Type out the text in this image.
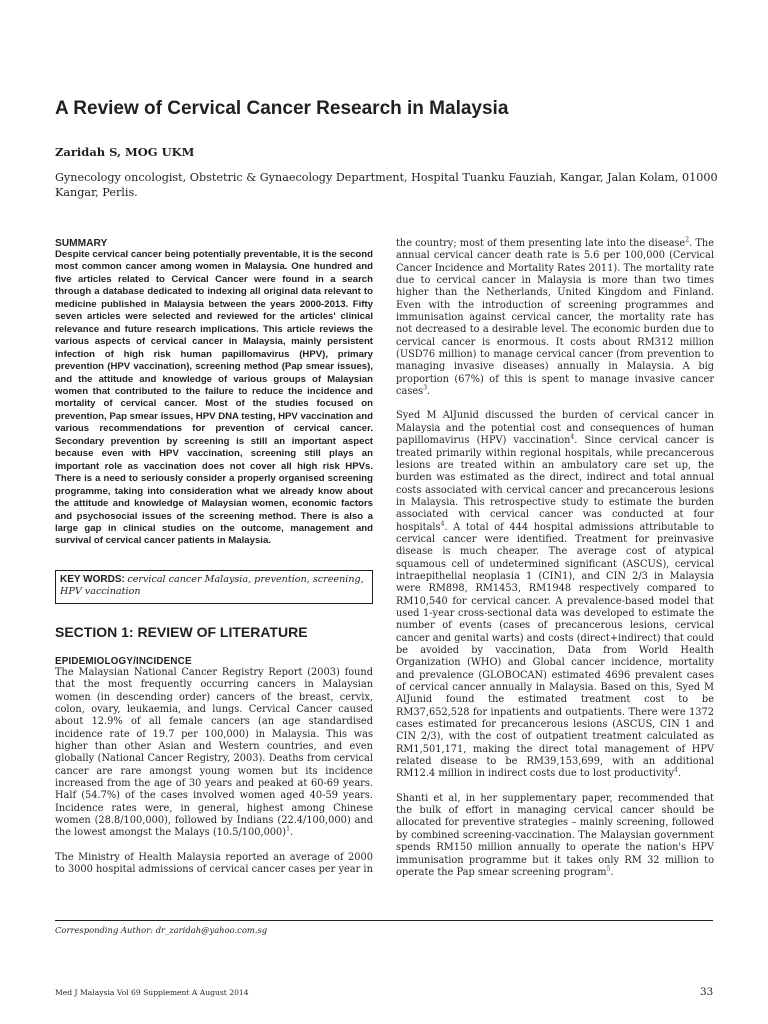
A Review of Cervical Cancer Research in Malaysia
Zaridah S, MOG UKM
Gynecology oncologist, Obstetric & Gynaecology Department, Hospital Tuanku Fauziah, Kangar, Jalan Kolam, 01000 Kangar, Perlis.

SUMMARY

Despite cervical cancer being potentially preventable, it is the second most common cancer among women in Malaysia. One hundred and five articles related to Cervical Cancer were found in a search through a database dedicated to indexing all original data relevant to medicine published in Malaysia between the years 2000-2013. Fifty seven articles were selected and reviewed for the articles' clinical relevance and future research implications. This article reviews the various aspects of cervical cancer in Malaysia, mainly persistent infection of high risk human papillomavirus (HPV), primary prevention (HPV vaccination), screening method (Pap smear issues), and the attitude and knowledge of various groups of Malaysian women that contributed to the failure to reduce the incidence and mortality of cervical cancer. Most of the studies focused on prevention, Pap smear issues, HPV DNA testing, HPV vaccination and various recommendations for prevention of cervical cancer. Secondary prevention by screening is still an important aspect because even with HPV vaccination, screening still plays an important role as vaccination does not cover all high risk HPVs. There is a need to seriously consider a properly organised screening programme, taking into consideration what we already know about the attitude and knowledge of Malaysian women, economic factors and psychosocial issues of the screening method. There is also a large gap in clinical studies on the outcome, management and survival of cervical cancer patients in Malaysia.

KEY WORDS: cervical cancer Malaysia, prevention, screening, HPV vaccination
SECTION 1: REVIEW OF LITERATURE
EPIDEMIOLOGY/INCIDENCE

The Malaysian National Cancer Registry Report (2003) found that the most frequently occurring cancers in Malaysian women (in descending order) cancers of the breast, cervix, colon, ovary, leukaemia, and lungs. Cervical Cancer caused about 12.9% of all female cancers (an age standardised incidence rate of 19.7 per 100,000) in Malaysia. This was higher than other Asian and Western countries, and even globally (National Cancer Registry, 2003). Deaths from cervical cancer are rare amongst young women but its incidence increased from the age of 30 years and peaked at 60-69 years. Half (54.7%) of the cases involved women aged 40-59 years. Incidence rates were, in general, highest among Chinese women (28.8/100,000), followed by Indians (22.4/100,000) and the lowest amongst the Malays $(10.5/100,000)^1$.

The Ministry of Health Malaysia reported an average of 2000 to 3000 hospital admissions of cervical cancer cases per year in

the country; most of them presenting late into the disease$^2$. The annual cervical cancer death rate is 5.6 per 100,000 (Cervical Cancer Incidence and Mortality Rates 2011). The mortality rate due to cervical cancer in Malaysia is more than two times higher than the Netherlands, United Kingdom and Finland. Even with the introduction of screening programmes and immunisation against cervical cancer, the mortality rate has not decreased to a desirable level. The economic burden due to cervical cancer is enormous. It costs about RM312 million (USD76 million) to manage cervical cancer (from prevention to managing invasive diseases) annually in Malaysia. A big proportion (67%) of this is spent to manage invasive cancer cases$^3$.

Syed M AlJunid discussed the burden of cervical cancer in Malaysia and the potential cost and consequences of human papillomavirus (HPV) vaccination$^4$. Since cervical cancer is treated primarily within regional hospitals, while precancerous lesions are treated within an ambulatory care set up, the burden was estimated as the direct, indirect and total annual costs associated with cervical cancer and precancerous lesions in Malaysia. This retrospective study to estimate the burden associated with cervical cancer was conducted at four hospitals$^4$. A total of 444 hospital admissions attributable to cervical cancer were identified. Treatment for preinvasive disease is much cheaper. The average cost of atypical squamous cell of undetermined significant (ASCUS), cervical intraepithelial neoplasia 1 (CIN1), and CIN 2/3 in Malaysia were RM898, RM1453, RM1948 respectively compared to RM10,540 for cervical cancer. A prevalence-based model that used 1-year cross-sectional data was developed to estimate the number of events (cases of precancerous lesions, cervical cancer and genital warts) and costs (direct+indirect) that could be avoided by vaccination, Data from World Health Organization (WHO) and Global cancer incidence, mortality and prevalence (GLOBOCAN) estimated 4696 prevalent cases of cervical cancer annually in Malaysia. Based on this, Syed M AlJunid found the estimated treatment cost to be RM37,652,528 for inpatients and outpatients. There were 1372 cases estimated for precancerous lesions (ASCUS, CIN 1 and CIN 2/3), with the cost of outpatient treatment calculated as RM1,501,171, making the direct total management of HPV related disease to be RM39,153,699, with an additional RM12.4 million in indirect costs due to lost productivity$^4$.

Shanti et al, in her supplementary paper, recommended that the bulk of effort in managing cervical cancer should be allocated for preventive strategies – mainly screening, followed by combined screening-vaccination. The Malaysian government spends RM150 million annually to operate the nation's HPV immunisation programme but it takes only RM 32 million to operate the Pap smear screening program$^5$.

Corresponding Author: dr_zaridah@yahoo.com.sg
Med J Malaysia Vol 69 Supplement A August 2014	33
